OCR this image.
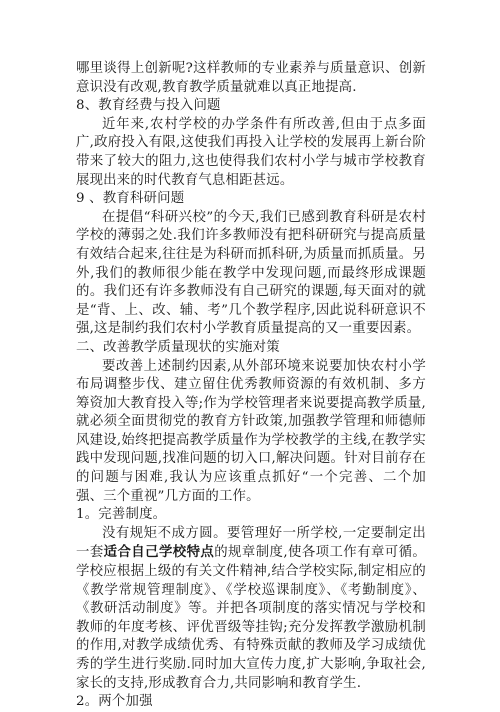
哪里谈得上创新呢?这样教师的专业素养与质量意识、创新意识没有改观,教育教学质量就难以真正地提高.

8、教育经费与投入问题

近年来,农村学校的办学条件有所改善,但由于点多面广,政府投入有限,这使我们再投入让学校的发展再上新台阶带来了较大的阻力,这也使得我们农村小学与城市学校教育展现出来的时代教育气息相距甚远。

9 、教育科研问题

在提倡“科研兴校”的今天,我们已感到教育科研是农村学校的薄弱之处.我们许多教师没有把科研研究与提高质量有效结合起来,往往是为科研而抓科研,为质量而抓质量。另外,我们的教师很少能在教学中发现问题,而最终形成课题的。我们还有许多教师没有自己研究的课题,每天面对的就是“背、上、改、辅、考”几个教学程序,因此说科研意识不强,这是制约我们农村小学教育质量提高的又一重要因素。

二、改善教学质量现状的实施对策

要改善上述制约因素,从外部环境来说要加快农村小学布局调整步伐、建立留住优秀教师资源的有效机制、多方筹资加大教育投入等;作为学校管理者来说要提高教学质量,就必须全面贯彻党的教育方针政策,加强教学管理和师德师风建设,始终把提高教学质量作为学校教学的主线,在教学实践中发现问题,找准问题的切入口,解决问题。针对目前存在的问题与困难,我认为应该重点抓好“一个完善、二个加强、三个重视”几方面的工作。

1。完善制度。

没有规矩不成方圆。要管理好一所学校,一定要制定出一套适合自己学校特点的规章制度,使各项工作有章可循。学校应根据上级的有关文件精神,结合学校实际,制定相应的《教学常规管理制度》、《学校巡课制度》、《考勤制度》、《教研活动制度》等。并把各项制度的落实情况与学校和教师的年度考核、评优晋级等挂钩;充分发挥教学激励机制的作用,对教学成绩优秀、有特殊贡献的教师及学习成绩优秀的学生进行奖励.同时加大宣传力度,扩大影响,争取社会,家长的支持,形成教育合力,共同影响和教育学生.

2。两个加强
